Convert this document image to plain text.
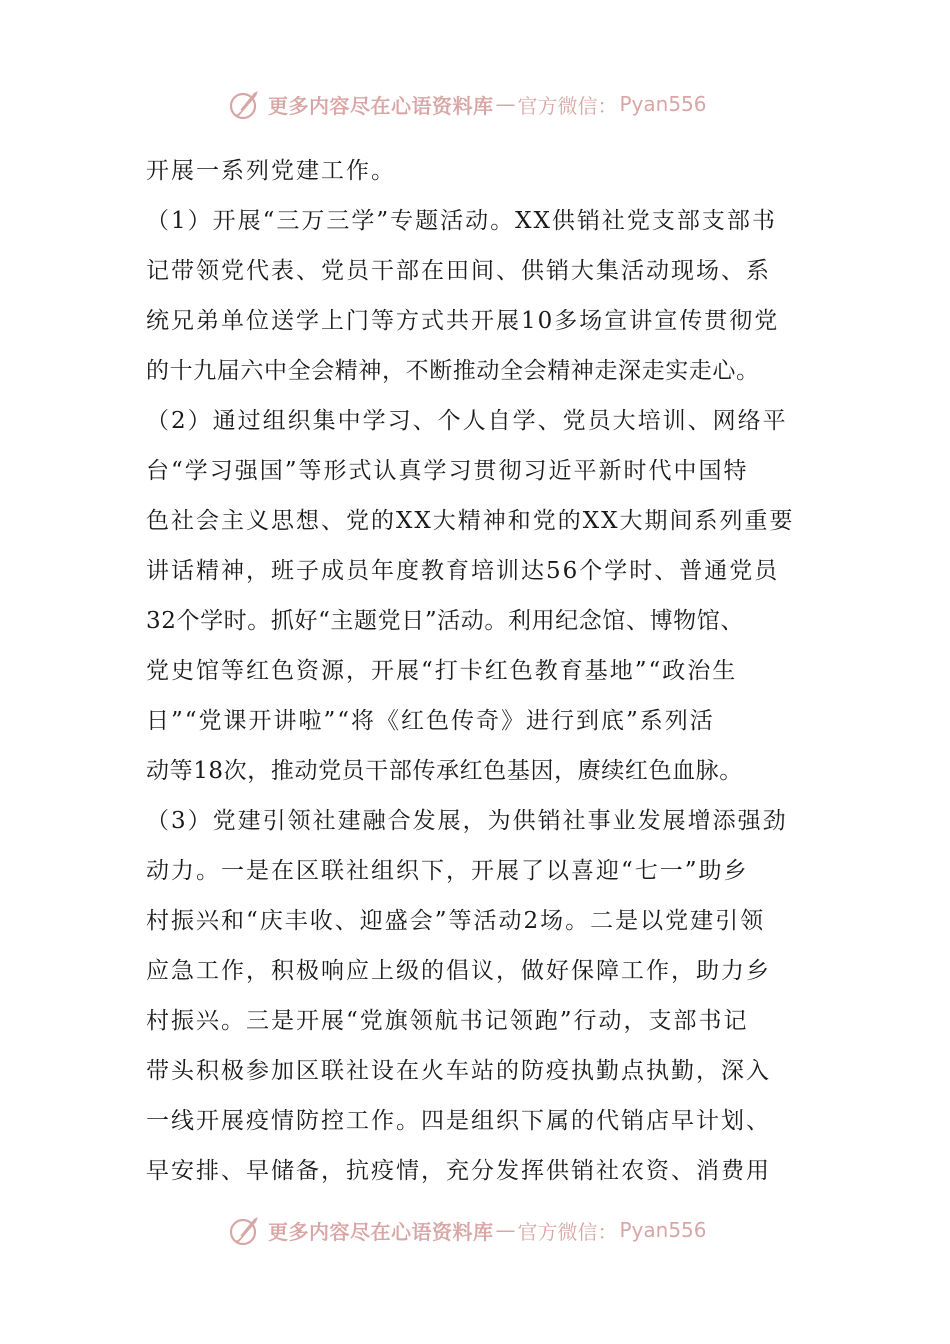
更多内容尽在心语资料库 — 官方微信： Pyan556
开展一系列党建工作。
（1）开展“三万三学”专题活动。XX供销社党支部支部书
记带领党代表、党员干部在田间、供销大集活动现场、系
统兄弟单位送学上门等方式共开展10多场宣讲宣传贯彻党
的十九届六中全会精神，不断推动全会精神走深走实走心。
（2）通过组织集中学习、个人自学、党员大培训、网络平
台“学习强国”等形式认真学习贯彻习近平新时代中国特
色社会主义思想、党的XX大精神和党的XX大期间系列重要
讲话精神，班子成员年度教育培训达56个学时、普通党员
32个学时。抓好“主题党日”活动。利用纪念馆、博物馆、
党史馆等红色资源，开展“打卡红色教育基地”“政治生
日”“党课开讲啦”“将《红色传奇》进行到底”系列活
动等18次，推动党员干部传承红色基因，赓续红色血脉。
（3）党建引领社建融合发展，为供销社事业发展增添强劲
动力。一是在区联社组织下，开展了以喜迎“七一”助乡
村振兴和“庆丰收、迎盛会”等活动2场。二是以党建引领
应急工作，积极响应上级的倡议，做好保障工作，助力乡
村振兴。三是开展“党旗领航书记领跑”行动，支部书记
带头积极参加区联社设在火车站的防疫执勤点执勤，深入
一线开展疫情防控工作。四是组织下属的代销店早计划、
早安排、早储备，抗疫情，充分发挥供销社农资、消费用
更多内容尽在心语资料库 — 官方微信： Pyan556
